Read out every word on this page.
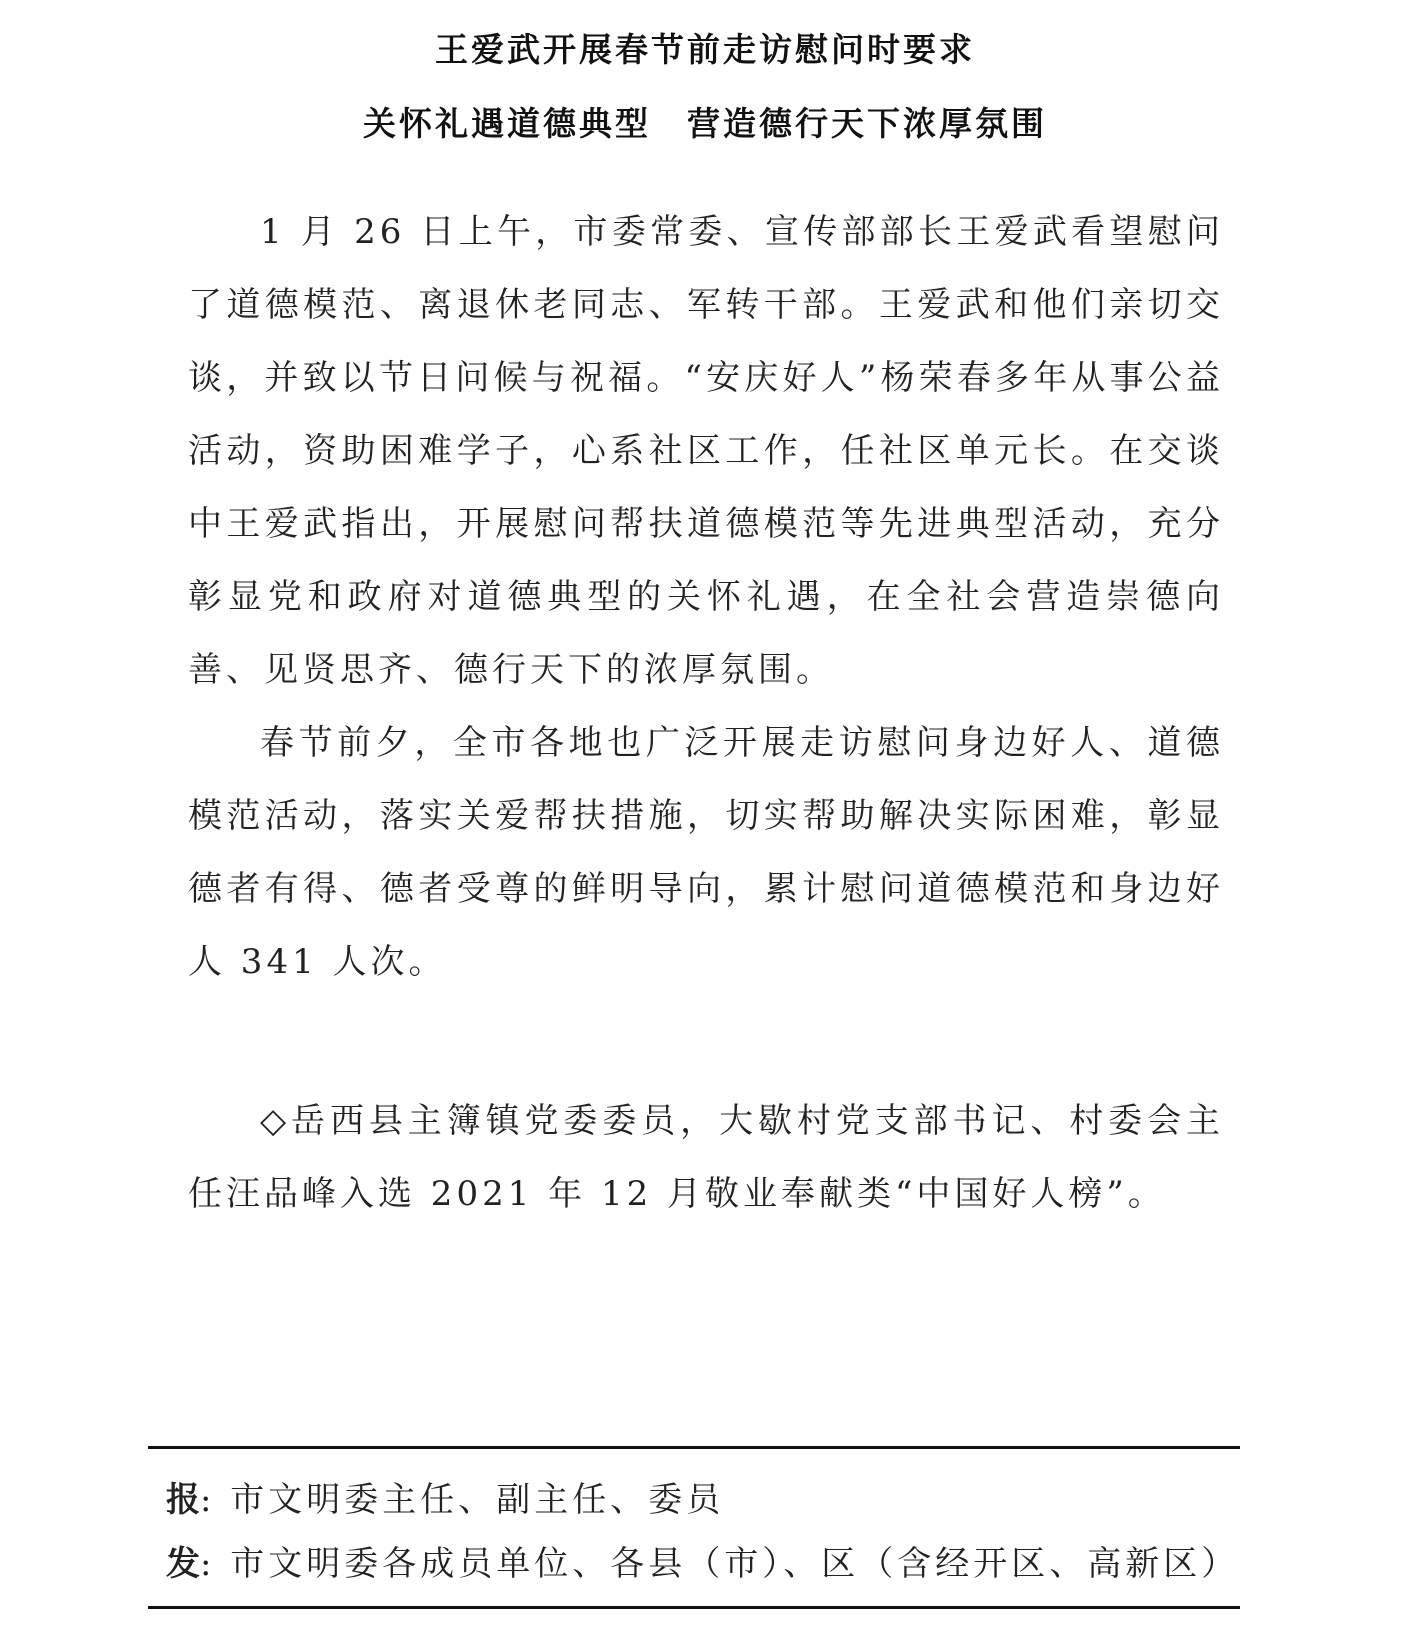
王爱武开展春节前走访慰问时要求
关怀礼遇道德典型　营造德行天下浓厚氛围

1 月 26 日上午，市委常委、宣传部部长王爱武看望慰问了道德模范、离退休老同志、军转干部。王爱武和他们亲切交谈，并致以节日问候与祝福。“安庆好人”杨荣春多年从事公益活动，资助困难学子，心系社区工作，任社区单元长。在交谈中王爱武指出，开展慰问帮扶道德模范等先进典型活动，充分彰显党和政府对道德典型的关怀礼遇，在全社会营造崇德向善、见贤思齐、德行天下的浓厚氛围。

春节前夕，全市各地也广泛开展走访慰问身边好人、道德模范活动，落实关爱帮扶措施，切实帮助解决实际困难，彰显德者有得、德者受尊的鲜明导向，累计慰问道德模范和身边好人 341 人次。

◇岳西县主簿镇党委委员，大歇村党支部书记、村委会主任汪品峰入选 2021 年 12 月敬业奉献类“中国好人榜”。

报: 市文明委主任、副主任、委员
发: 市文明委各成员单位、各县（市）、区（含经开区、高新区）
